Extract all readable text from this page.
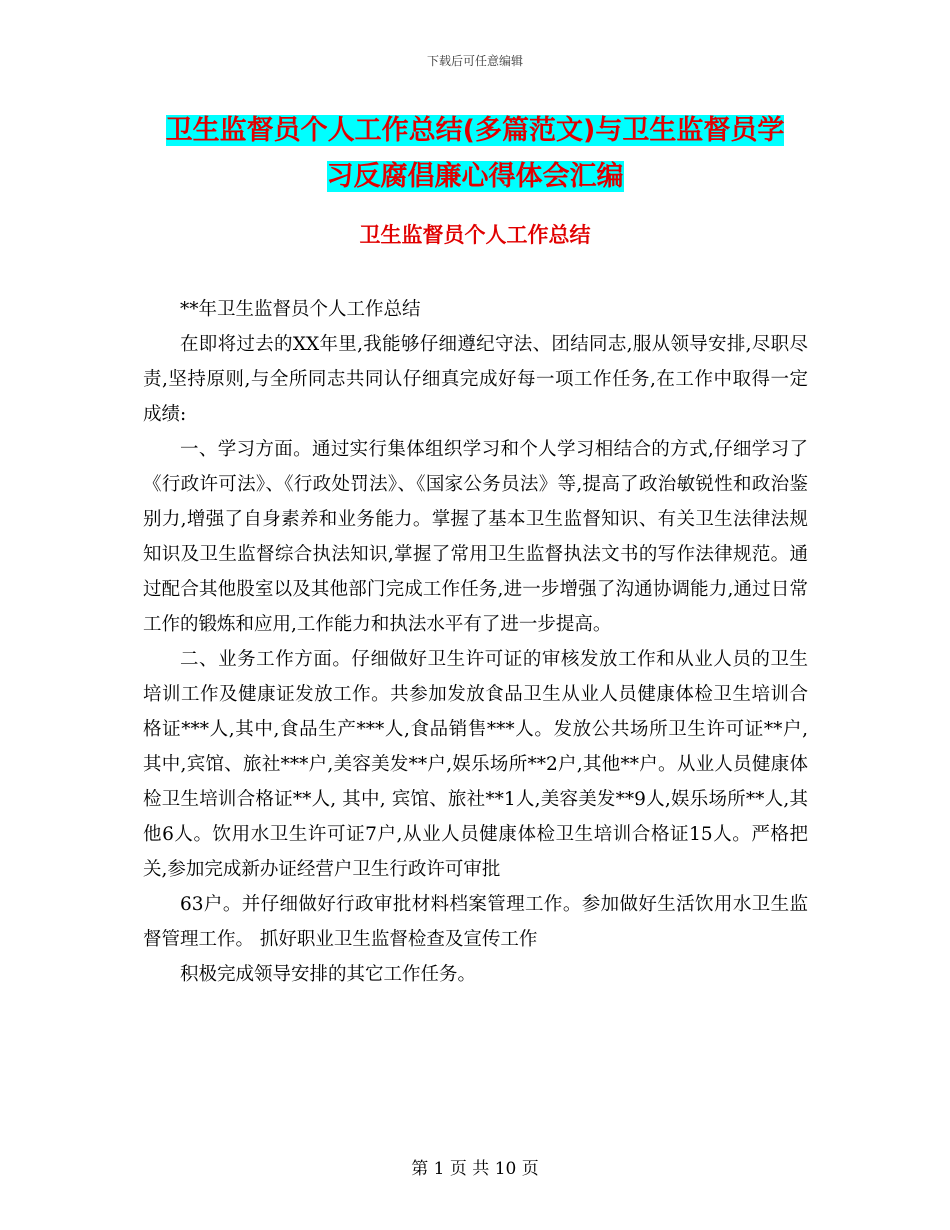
下载后可任意编辑
卫生监督员个人工作总结(多篇范文)与卫生监督员学
习反腐倡廉心得体会汇编
卫生监督员个人工作总结

**年卫生监督员个人工作总结

在即将过去的XX年里,我能够仔细遵纪守法、团结同志,服从领导安排,尽职尽责,坚持原则,与全所同志共同认仔细真完成好每一项工作任务,在工作中取得一定成绩:

一、学习方面。通过实行集体组织学习和个人学习相结合的方式,仔细学习了《行政许可法》、《行政处罚法》、《国家公务员法》等,提高了政治敏锐性和政治鉴别力,增强了自身素养和业务能力。掌握了基本卫生监督知识、有关卫生法律法规知识及卫生监督综合执法知识,掌握了常用卫生监督执法文书的写作法律规范。通过配合其他股室以及其他部门完成工作任务,进一步增强了沟通协调能力,通过日常工作的锻炼和应用,工作能力和执法水平有了进一步提高。

二、业务工作方面。仔细做好卫生许可证的审核发放工作和从业人员的卫生培训工作及健康证发放工作。共参加发放食品卫生从业人员健康体检卫生培训合格证***人,其中,食品生产***人,食品销售***人。发放公共场所卫生许可证**户, 其中,宾馆、旅社***户,美容美发**户,娱乐场所**2户,其他**户。从业人员健康体检卫生培训合格证**人, 其中, 宾馆、旅社**1人,美容美发**9人,娱乐场所**人,其他6人。饮用水卫生许可证7户,从业人员健康体检卫生培训合格证15人。严格把关,参加完成新办证经营户卫生行政许可审批

63户。并仔细做好行政审批材料档案管理工作。参加做好生活饮用水卫生监督管理工作。 抓好职业卫生监督检查及宣传工作

积极完成领导安排的其它工作任务。

第 1 页 共 10 页
